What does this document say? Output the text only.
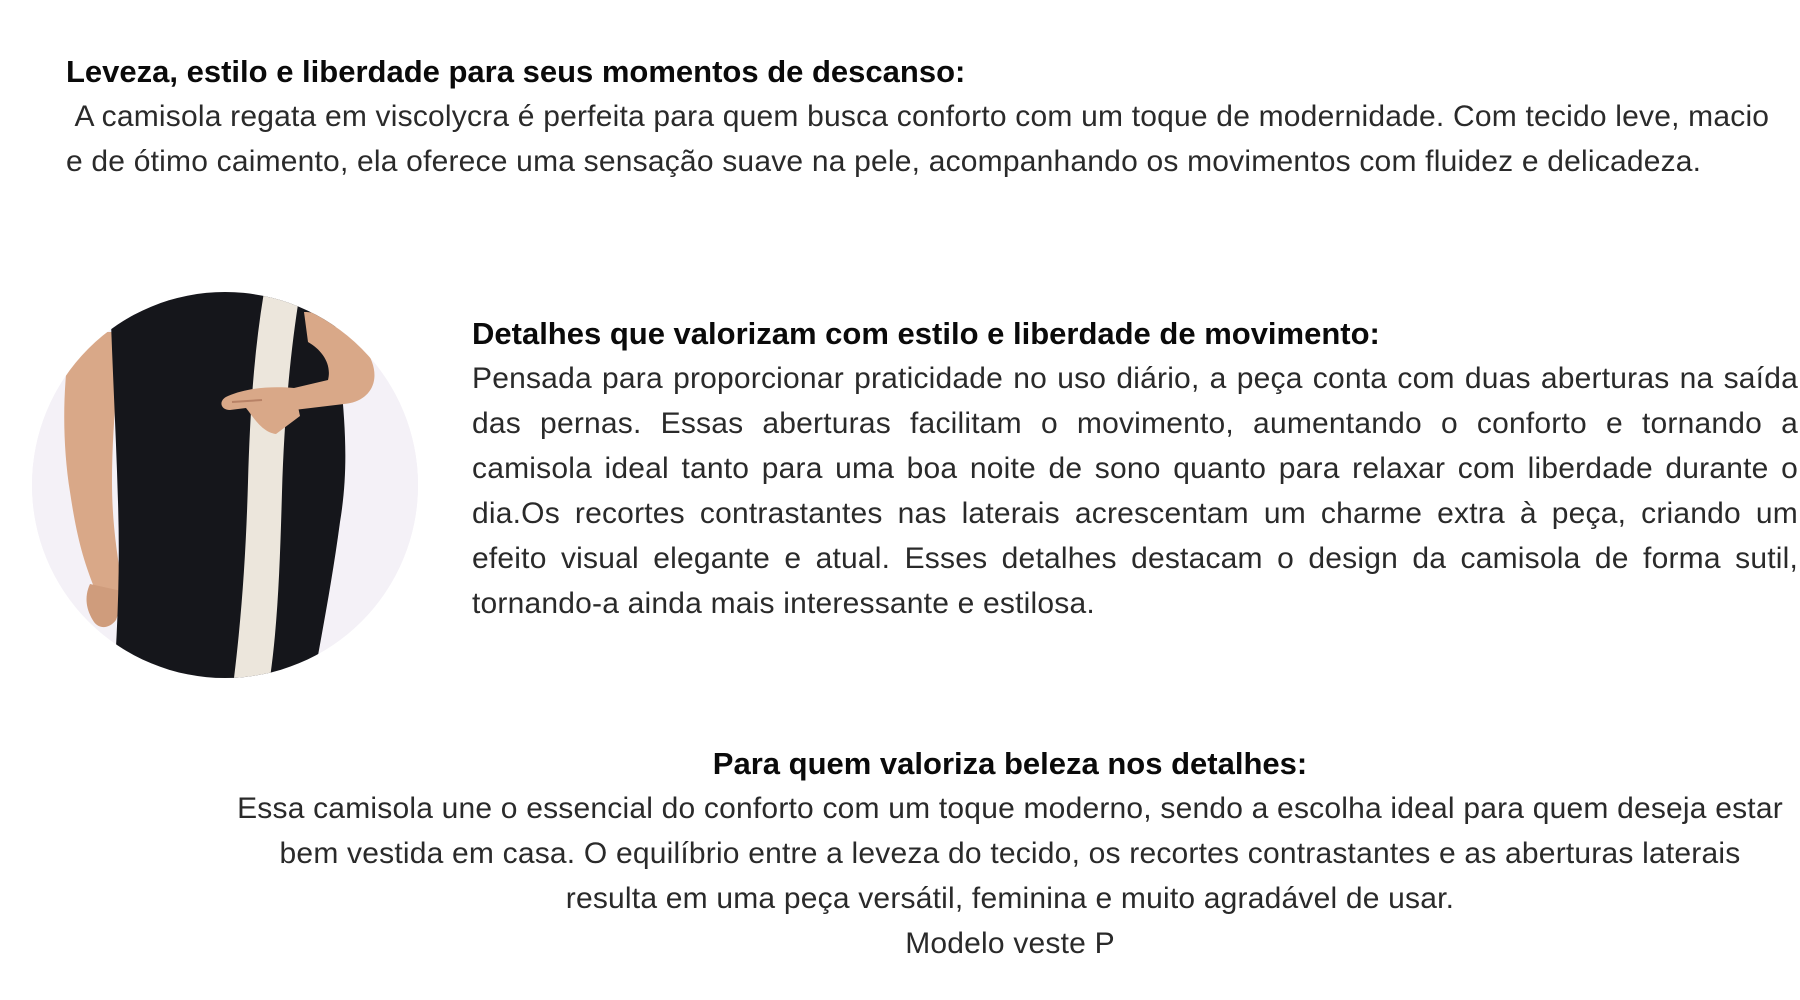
Leveza, estilo e liberdade para seus momentos de descanso:

A camisola regata em viscolycra é perfeita para quem busca conforto com um toque de modernidade. Com tecido leve, macio e de ótimo caimento, ela oferece uma sensação suave na pele, acompanhando os movimentos com fluidez e delicadeza.

Detalhes que valorizam com estilo e liberdade de movimento:

Pensada para proporcionar praticidade no uso diário, a peça conta com duas aberturas na saída das pernas. Essas aberturas facilitam o movimento, aumentando o conforto e tornando a camisola ideal tanto para uma boa noite de sono quanto para relaxar com liberdade durante o dia.Os recortes contrastantes nas laterais acrescentam um charme extra à peça, criando um efeito visual elegante e atual. Esses detalhes destacam o design da camisola de forma sutil, tornando-a ainda mais interessante e estilosa.

Para quem valoriza beleza nos detalhes:

Essa camisola une o essencial do conforto com um toque moderno, sendo a escolha ideal para quem deseja estar bem vestida em casa. O equilíbrio entre a leveza do tecido, os recortes contrastantes e as aberturas laterais resulta em uma peça versátil, feminina e muito agradável de usar.

Modelo veste P
